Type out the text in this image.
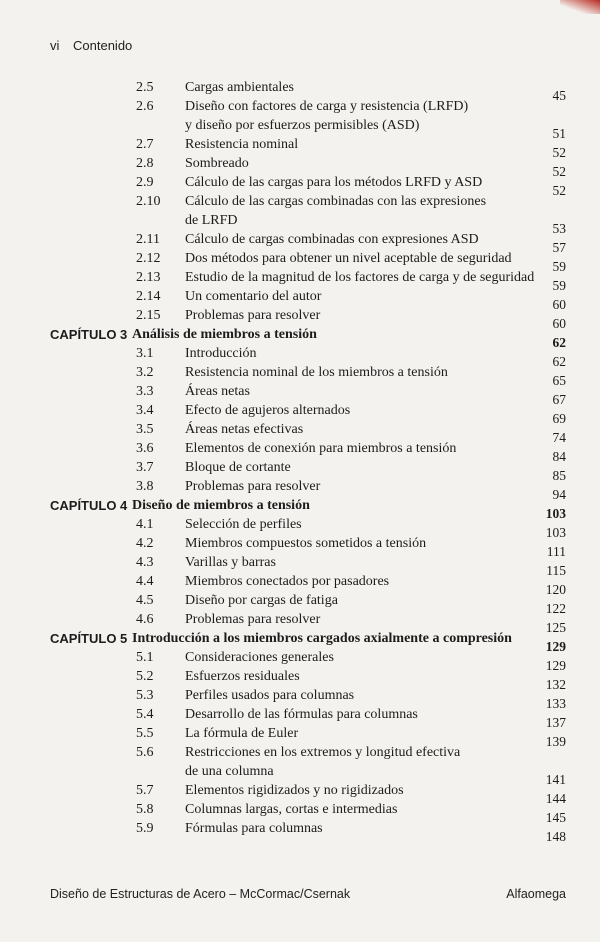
vi Contenido
2.5 Cargas ambientales
45
2.6 Diseño con factores de carga y resistencia (LRFD)
y diseño por esfuerzos permisibles (ASD)
51
2.7 Resistencia nominal
52
2.8 Sombreado
52
2.9 Cálculo de las cargas para los métodos LRFD y ASD
52
2.10 Cálculo de las cargas combinadas con las expresiones
de LRFD
53
2.11 Cálculo de cargas combinadas con expresiones ASD
57
2.12 Dos métodos para obtener un nivel aceptable de seguridad
59
2.13 Estudio de la magnitud de los factores de carga y de seguridad
59
2.14 Un comentario del autor
60
2.15 Problemas para resolver
60
CAPÍTULO 3 Análisis de miembros a tensión
62
3.1 Introducción
62
3.2 Resistencia nominal de los miembros a tensión
65
3.3 Áreas netas
67
3.4 Efecto de agujeros alternados
69
3.5 Áreas netas efectivas
74
3.6 Elementos de conexión para miembros a tensión
84
3.7 Bloque de cortante
85
3.8 Problemas para resolver
94
CAPÍTULO 4 Diseño de miembros a tensión
103
4.1 Selección de perfiles
103
4.2 Miembros compuestos sometidos a tensión
111
4.3 Varillas y barras
115
4.4 Miembros conectados por pasadores
120
4.5 Diseño por cargas de fatiga
122
4.6 Problemas para resolver
125
CAPÍTULO 5 Introducción a los miembros cargados axialmente a compresión
129
5.1 Consideraciones generales
129
5.2 Esfuerzos residuales
132
5.3 Perfiles usados para columnas
133
5.4 Desarrollo de las fórmulas para columnas
137
5.5 La fórmula de Euler
139
5.6 Restricciones en los extremos y longitud efectiva
de una columna
141
5.7 Elementos rigidizados y no rigidizados
144
5.8 Columnas largas, cortas e intermedias
145
5.9 Fórmulas para columnas
148
Diseño de Estructuras de Acero – McCormac/Csernak	Alfaomega
